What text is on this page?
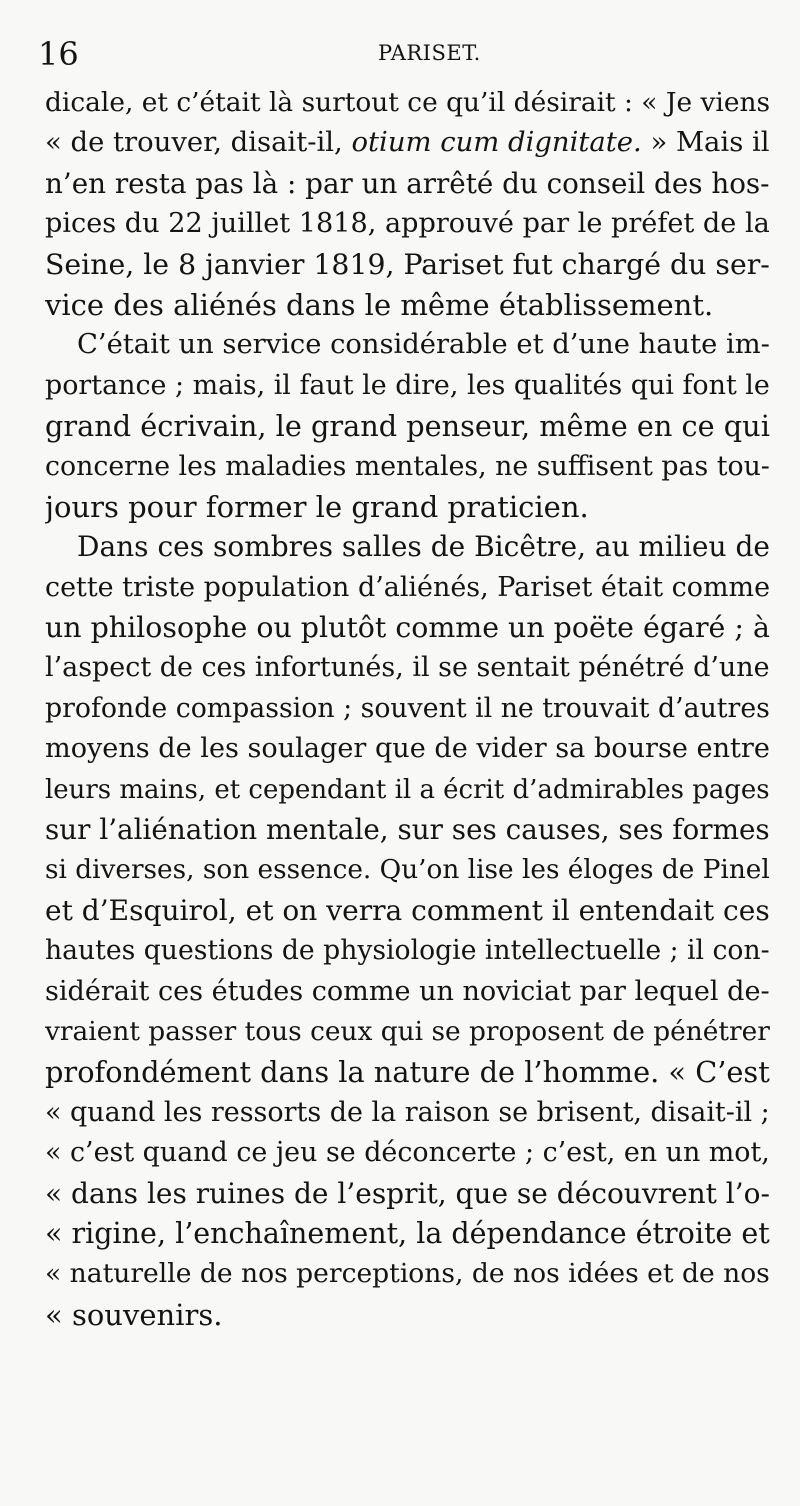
16	PARISET.
dicale, et c’était là surtout ce qu’il désirait : « Je viens
« de trouver, disait-il, otium cum dignitate. » Mais il
n’en resta pas là : par un arrêté du conseil des hos-
pices du 22 juillet 1818, approuvé par le préfet de la
Seine, le 8 janvier 1819, Pariset fut chargé du ser-
vice des aliénés dans le même établissement.
C’était un service considérable et d’une haute im-
portance ; mais, il faut le dire, les qualités qui font le
grand écrivain, le grand penseur, même en ce qui
concerne les maladies mentales, ne suffisent pas tou-
jours pour former le grand praticien.
Dans ces sombres salles de Bicêtre, au milieu de
cette triste population d’aliénés, Pariset était comme
un philosophe ou plutôt comme un poëte égaré ; à
l’aspect de ces infortunés, il se sentait pénétré d’une
profonde compassion ; souvent il ne trouvait d’autres
moyens de les soulager que de vider sa bourse entre
leurs mains, et cependant il a écrit d’admirables pages
sur l’aliénation mentale, sur ses causes, ses formes
si diverses, son essence. Qu’on lise les éloges de Pinel
et d’Esquirol, et on verra comment il entendait ces
hautes questions de physiologie intellectuelle ; il con-
sidérait ces études comme un noviciat par lequel de-
vraient passer tous ceux qui se proposent de pénétrer
profondément dans la nature de l’homme. « C’est
« quand les ressorts de la raison se brisent, disait-il ;
« c’est quand ce jeu se déconcerte ; c’est, en un mot,
« dans les ruines de l’esprit, que se découvrent l’o-
« rigine, l’enchaînement, la dépendance étroite et
« naturelle de nos perceptions, de nos idées et de nos
« souvenirs.
